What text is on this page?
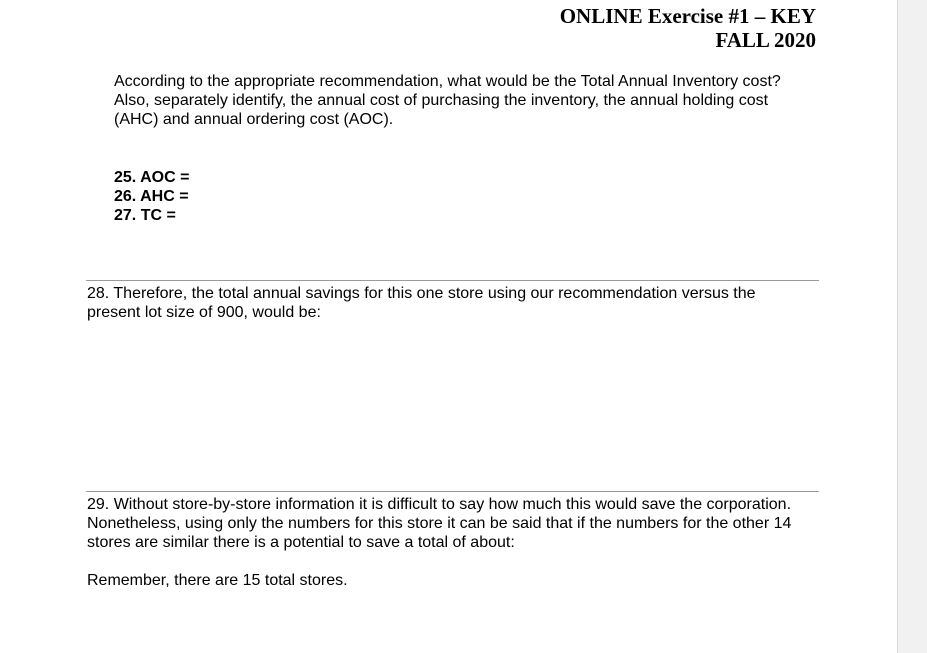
ONLINE Exercise #1 – KEY
FALL 2020
According to the appropriate recommendation, what would be the Total Annual Inventory cost? Also, separately identify, the annual cost of purchasing the inventory, the annual holding cost (AHC) and annual ordering cost (AOC).
25. AOC =
26. AHC =
27. TC =
28. Therefore, the total annual savings for this one store using our recommendation versus the present lot size of 900, would be:
29. Without store-by-store information it is difficult to say how much this would save the corporation. Nonetheless, using only the numbers for this store it can be said that if the numbers for the other 14 stores are similar there is a potential to save a total of about:
Remember, there are 15 total stores.
